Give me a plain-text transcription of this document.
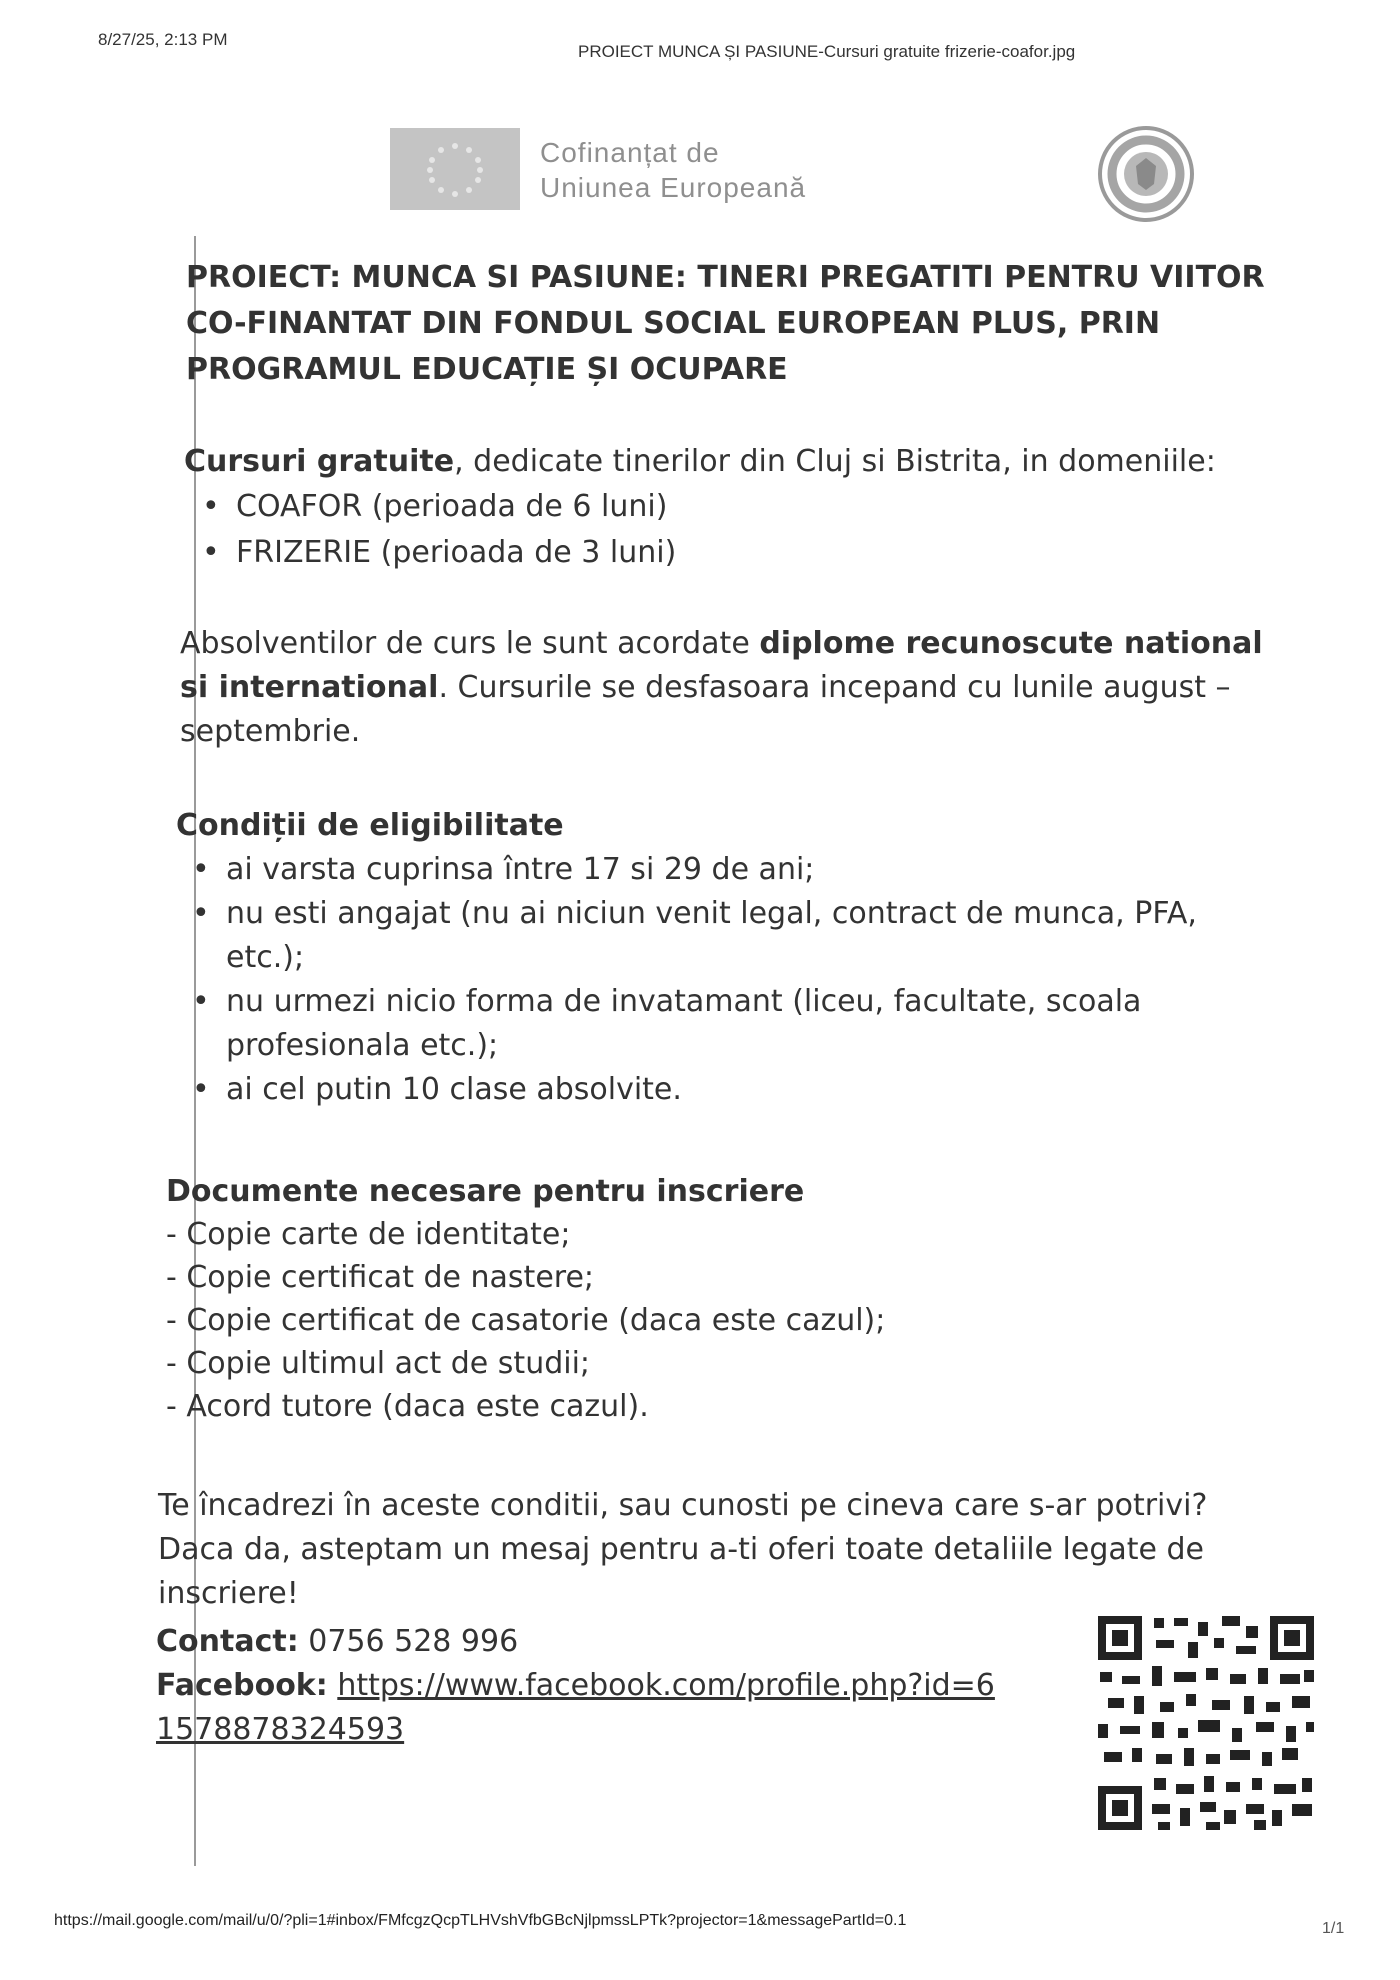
8/27/25, 2:13 PM
PROIECT MUNCA ȘI PASIUNE-Cursuri gratuite frizerie-coafor.jpg
Cofinanțat de
Uniunea Europeană
PROIECT: MUNCA SI PASIUNE: TINERI PREGATITI PENTRU VIITOR CO-FINANTAT DIN FONDUL SOCIAL EUROPEAN PLUS, PRIN PROGRAMUL EDUCAȚIE ȘI OCUPARE
Cursuri gratuite, dedicate tinerilor din Cluj si Bistrita, in domeniile:
• COAFOR (perioada de 6 luni)
• FRIZERIE (perioada de 3 luni)
Absolventilor de curs le sunt acordate diplome recunoscute national si international. Cursurile se desfasoara incepand cu lunile august – septembrie.
Condiții de eligibilitate
• ai varsta cuprinsa între 17 si 29 de ani;
• nu esti angajat (nu ai niciun venit legal, contract de munca, PFA, etc.);
• nu urmezi nicio forma de invatamant (liceu, facultate, scoala profesionala etc.);
• ai cel putin 10 clase absolvite.
Documente necesare pentru inscriere
- Copie carte de identitate;
- Copie certificat de nastere;
- Copie certificat de casatorie (daca este cazul);
- Copie ultimul act de studii;
- Acord tutore (daca este cazul).
Te încadrezi în aceste conditii, sau cunosti pe cineva care s-ar potrivi? Daca da, asteptam un mesaj pentru a-ti oferi toate detaliile legate de inscriere!
Contact: 0756 528 996
Facebook: https://www.facebook.com/profile.php?id=61578878324593
https://mail.google.com/mail/u/0/?pli=1#inbox/FMfcgzQcpTLHVshVfbGBcNjlpmssLPTk?projector=1&messagePartId=0.1	1/1
